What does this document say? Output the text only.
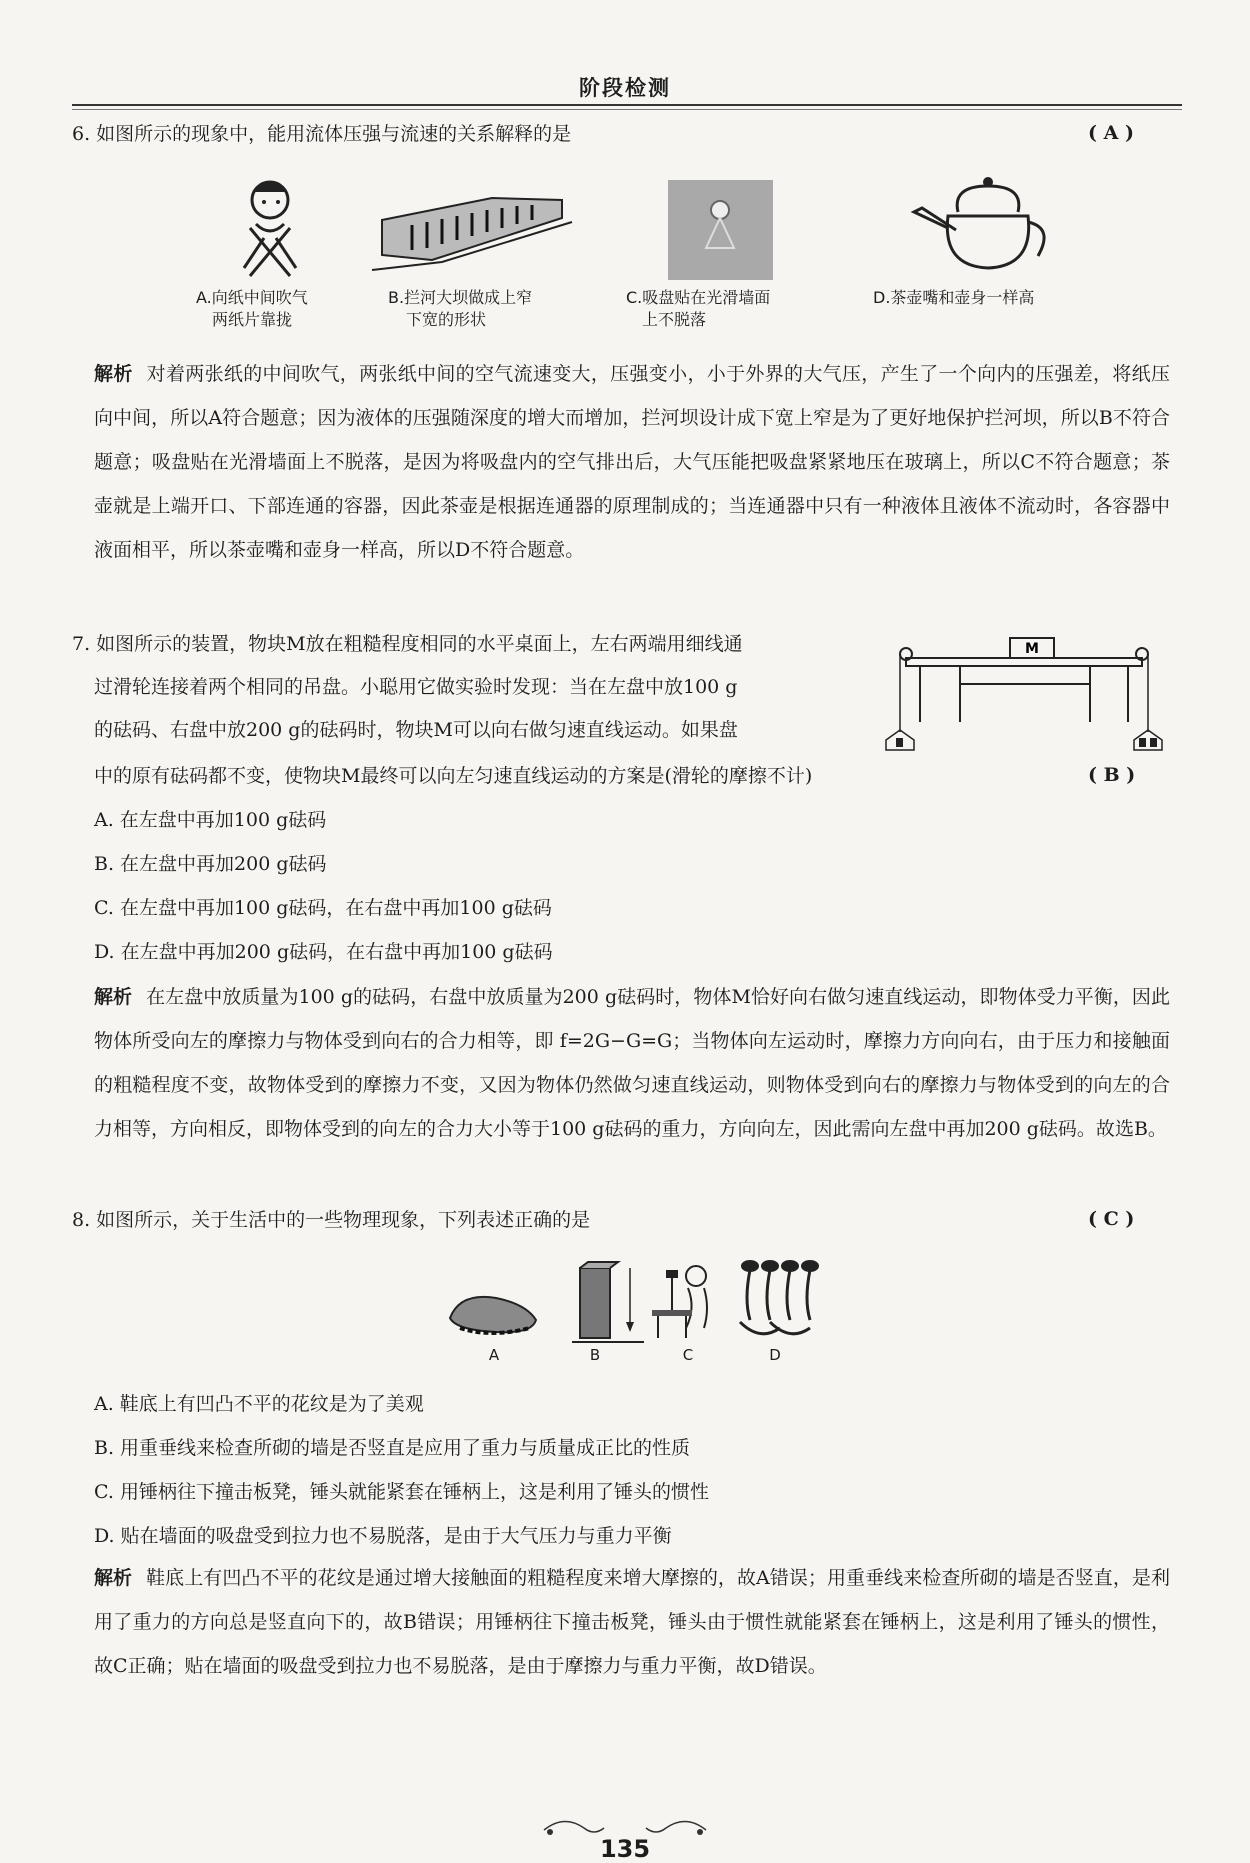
阶段检测
6. 如图所示的现象中，能用流体压强与流速的关系解释的是	( A )
A.向纸中间吹气
两纸片靠拢
B.拦河大坝做成上窄
下宽的形状
C.吸盘贴在光滑墙面
上不脱落
D.茶壶嘴和壶身一样高
解析 对着两张纸的中间吹气，两张纸中间的空气流速变大，压强变小，小于外界的大气压，产生了一个向内的压强差，将纸压向中间，所以A符合题意；因为液体的压强随深度的增大而增加，拦河坝设计成下宽上窄是为了更好地保护拦河坝，所以B不符合题意；吸盘贴在光滑墙面上不脱落，是因为将吸盘内的空气排出后，大气压能把吸盘紧紧地压在玻璃上，所以C不符合题意；茶壶就是上端开口、下部连通的容器，因此茶壶是根据连通器的原理制成的；当连通器中只有一种液体且液体不流动时，各容器中液面相平，所以茶壶嘴和壶身一样高，所以D不符合题意。
7. 如图所示的装置，物块M放在粗糙程度相同的水平桌面上，左右两端用细线通
过滑轮连接着两个相同的吊盘。小聪用它做实验时发现：当在左盘中放100 g
的砝码、右盘中放200 g的砝码时，物块M可以向右做匀速直线运动。如果盘
中的原有砝码都不变，使物块M最终可以向左匀速直线运动的方案是(滑轮的摩擦不计)	( B )
M
A. 在左盘中再加100 g砝码
B. 在左盘中再加200 g砝码
C. 在左盘中再加100 g砝码，在右盘中再加100 g砝码
D. 在左盘中再加200 g砝码，在右盘中再加100 g砝码
解析 在左盘中放质量为100 g的砝码，右盘中放质量为200 g砝码时，物体M恰好向右做匀速直线运动，即物体受力平衡，因此物体所受向左的摩擦力与物体受到向右的合力相等，即 f=2G−G=G；当物体向左运动时，摩擦力方向向右，由于压力和接触面的粗糙程度不变，故物体受到的摩擦力不变，又因为物体仍然做匀速直线运动，则物体受到向右的摩擦力与物体受到的向左的合力相等，方向相反，即物体受到的向左的合力大小等于100 g砝码的重力，方向向左，因此需向左盘中再加200 g砝码。故选B。
8. 如图所示，关于生活中的一些物理现象，下列表述正确的是	( C )
A	B	C	D
A. 鞋底上有凹凸不平的花纹是为了美观
B. 用重垂线来检查所砌的墙是否竖直是应用了重力与质量成正比的性质
C. 用锤柄往下撞击板凳，锤头就能紧套在锤柄上，这是利用了锤头的惯性
D. 贴在墙面的吸盘受到拉力也不易脱落，是由于大气压力与重力平衡
解析 鞋底上有凹凸不平的花纹是通过增大接触面的粗糙程度来增大摩擦的，故A错误；用重垂线来检查所砌的墙是否竖直，是利用了重力的方向总是竖直向下的，故B错误；用锤柄往下撞击板凳，锤头由于惯性就能紧套在锤柄上，这是利用了锤头的惯性，故C正确；贴在墙面的吸盘受到拉力也不易脱落，是由于摩擦力与重力平衡，故D错误。
135
